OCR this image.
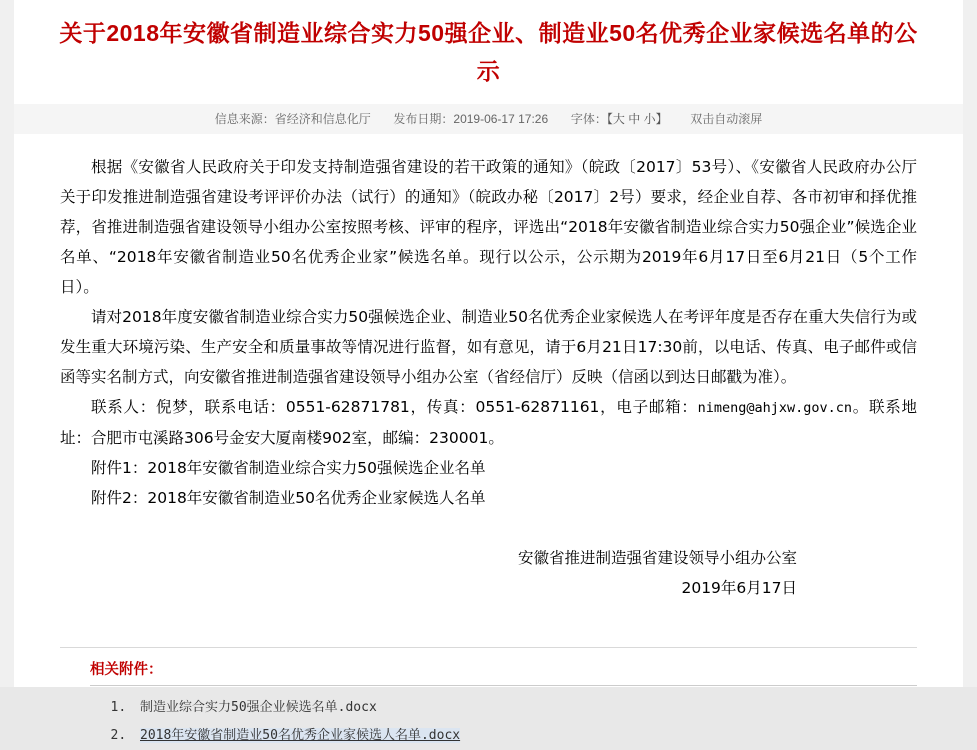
关于2018年安徽省制造业综合实力50强企业、制造业50名优秀企业家候选名单的公示
信息来源：省经济和信息化厅 发布日期：2019-06-17 17:26 字体：【大 中 小】 双击自动滚屏

根据《安徽省人民政府关于印发支持制造强省建设的若干政策的通知》（皖政〔2017〕53号）、《安徽省人民政府办公厅关于印发推进制造强省建设考评评价办法（试行）的通知》（皖政办秘〔2017〕2号）要求，经企业自荐、各市初审和择优推荐，省推进制造强省建设领导小组办公室按照考核、评审的程序，评选出“2018年安徽省制造业综合实力50强企业”候选企业名单、“2018年安徽省制造业50名优秀企业家”候选名单。现行以公示，公示期为2019年6月17日至6月21日（5个工作日）。

请对2018年度安徽省制造业综合实力50强候选企业、制造业50名优秀企业家候选人在考评年度是否存在重大失信行为或发生重大环境污染、生产安全和质量事故等情况进行监督，如有意见，请于6月21日17:30前，以电话、传真、电子邮件或信函等实名制方式，向安徽省推进制造强省建设领导小组办公室（省经信厅）反映（信函以到达日邮戳为准）。

联系人：倪梦，联系电话：0551-62871781，传真：0551-62871161，电子邮箱：nimeng@ahjxw.gov.cn。联系地址：合肥市屯溪路306号金安大厦南楼902室，邮编：230001。

附件1：2018年安徽省制造业综合实力50强候选企业名单

附件2：2018年安徽省制造业50名优秀企业家候选人名单

安徽省推进制造强省建设领导小组办公室
2019年6月17日
相关附件：
1. 制造业综合实力50强企业候选名单.docx
2. 2018年安徽省制造业50名优秀企业家候选人名单.docx
